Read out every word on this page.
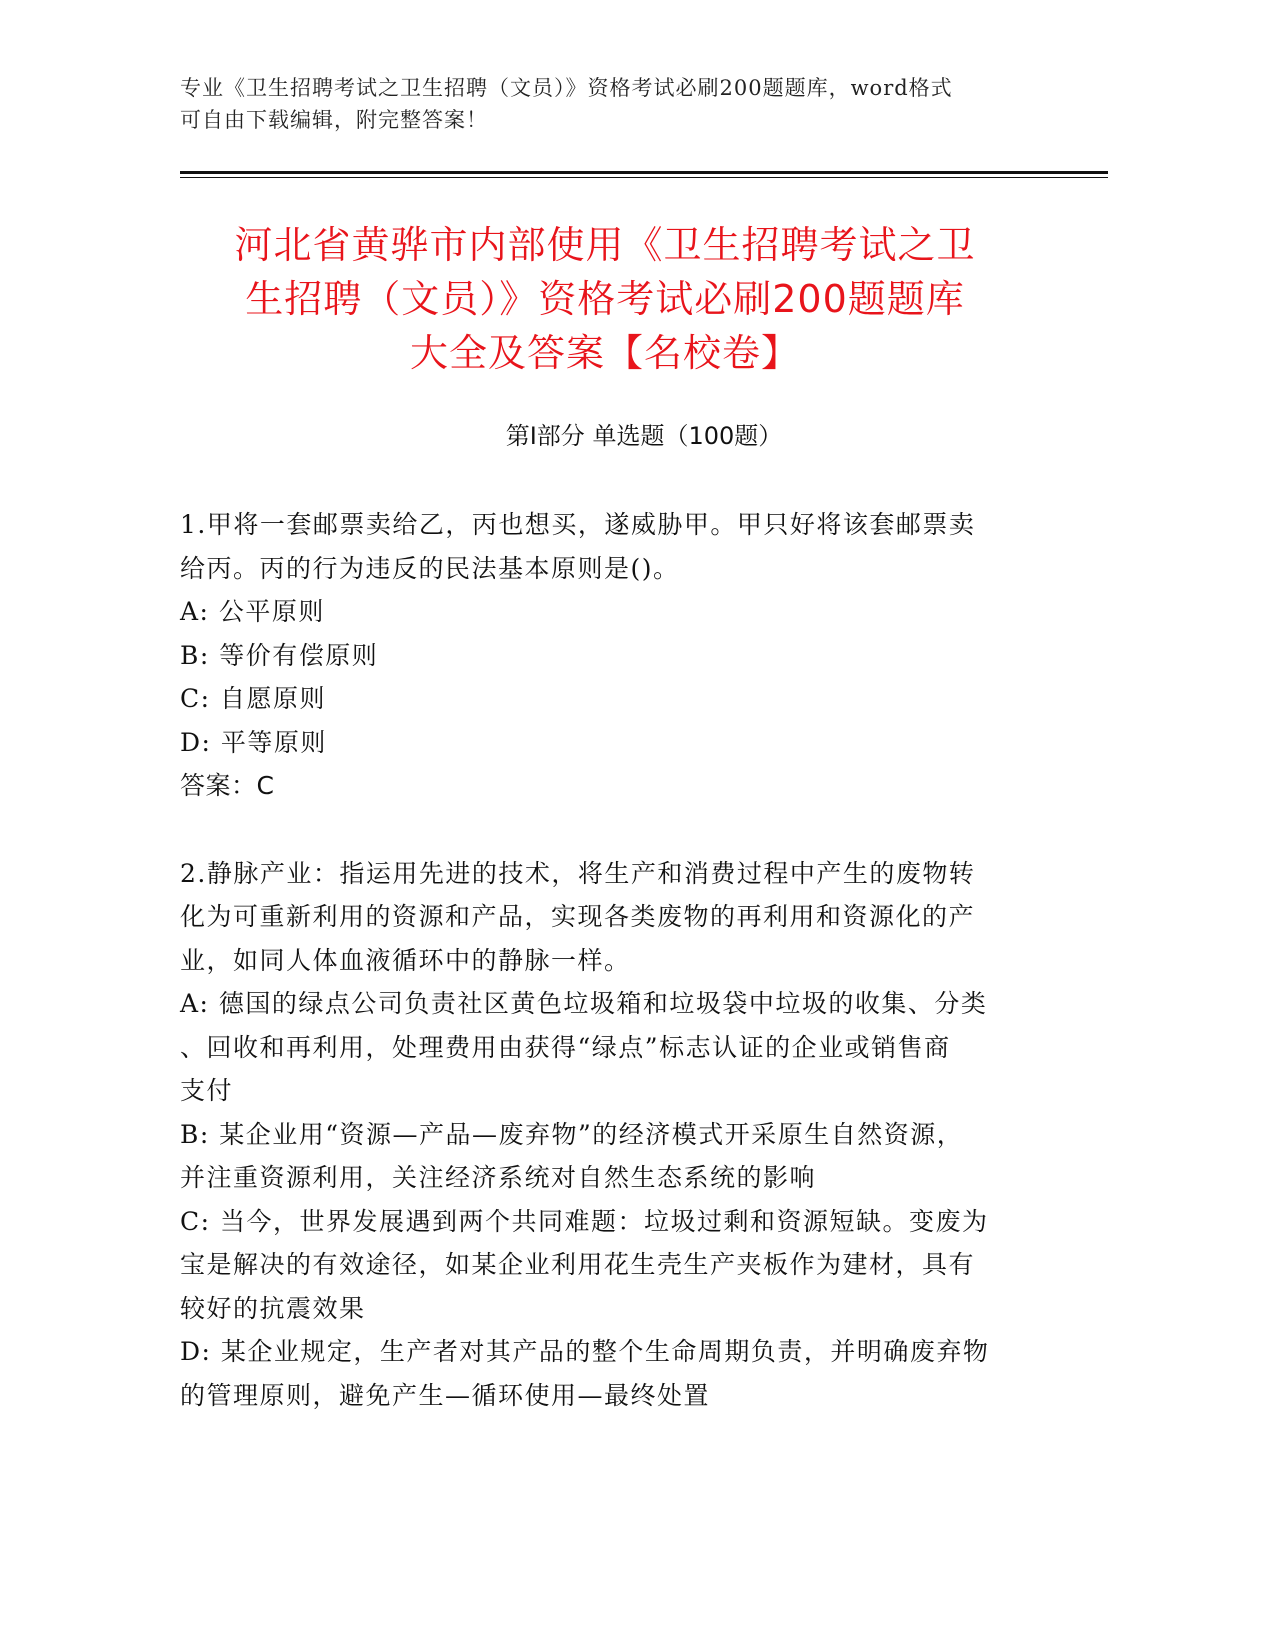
专业《卫生招聘考试之卫生招聘（文员）》资格考试必刷200题题库，word格式
可自由下载编辑，附完整答案！
河北省黄骅市内部使用《卫生招聘考试之卫
生招聘（文员）》资格考试必刷200题题库
大全及答案【名校卷】
第Ⅰ部分 单选题（100题）
1.甲将一套邮票卖给乙，丙也想买，遂威胁甲。甲只好将该套邮票卖
给丙。丙的行为违反的民法基本原则是()。
A: 公平原则
B: 等价有偿原则
C: 自愿原则
D: 平等原则
答案：C
2.静脉产业：指运用先进的技术，将生产和消费过程中产生的废物转
化为可重新利用的资源和产品，实现各类废物的再利用和资源化的产
业，如同人体血液循环中的静脉一样。
A: 德国的绿点公司负责社区黄色垃圾箱和垃圾袋中垃圾的收集、分类
、回收和再利用，处理费用由获得“绿点”标志认证的企业或销售商
支付
B: 某企业用“资源—产品—废弃物”的经济模式开采原生自然资源，
并注重资源利用，关注经济系统对自然生态系统的影响
C: 当今，世界发展遇到两个共同难题：垃圾过剩和资源短缺。变废为
宝是解决的有效途径，如某企业利用花生壳生产夹板作为建材，具有
较好的抗震效果
D: 某企业规定，生产者对其产品的整个生命周期负责，并明确废弃物
的管理原则，避免产生—循环使用—最终处置
